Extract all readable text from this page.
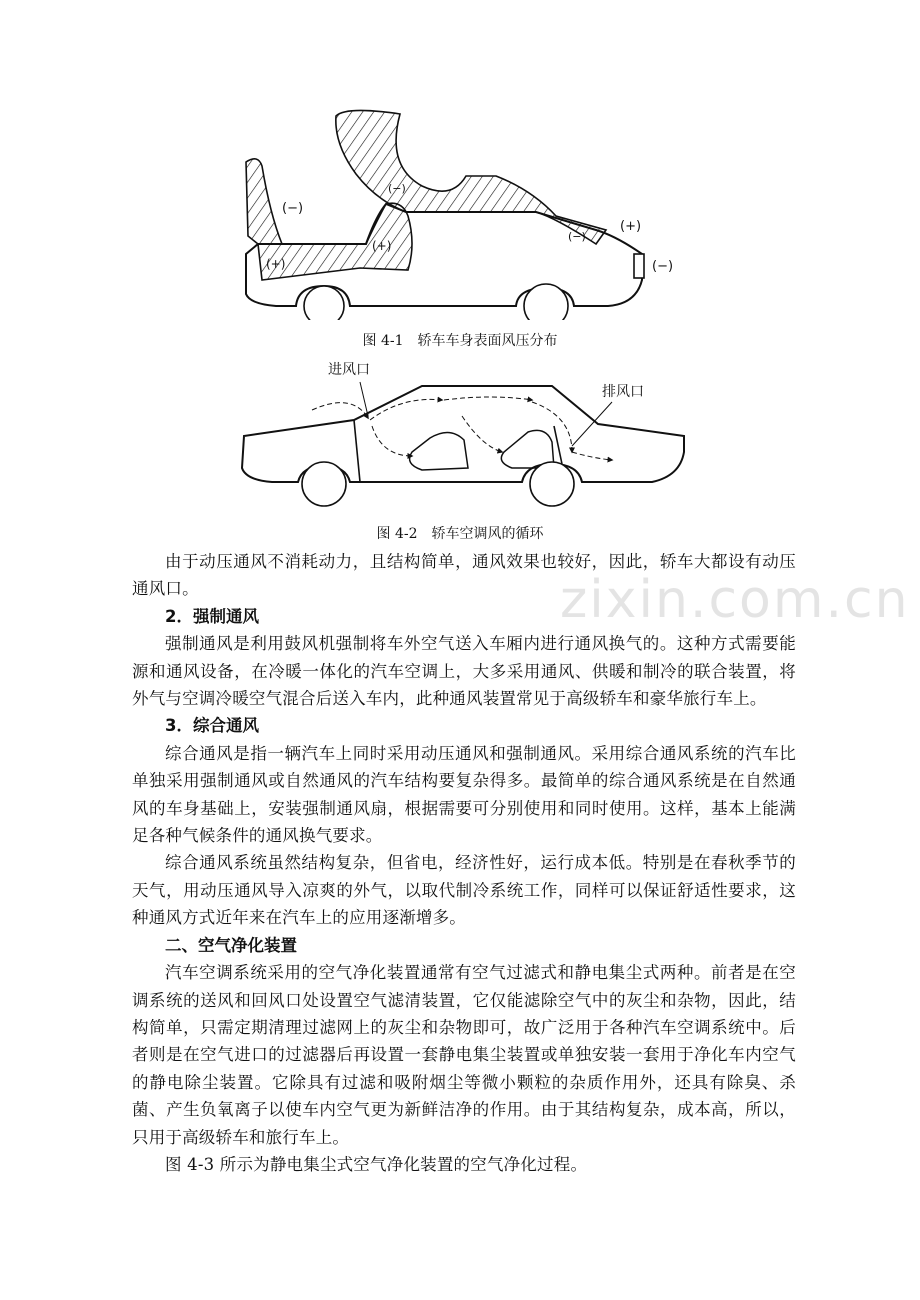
zixin.com.cn
(−)
(−)
(+)
(+)
(−)
(+)
(−)
图 4-1　轿车车身表面风压分布
进风口
排风口
图 4-2　轿车空调风的循环

由于动压通风不消耗动力，且结构简单，通风效果也较好，因此，轿车大都设有动压通风口。

2．强制通风

强制通风是利用鼓风机强制将车外空气送入车厢内进行通风换气的。这种方式需要能源和通风设备，在冷暖一体化的汽车空调上，大多采用通风、供暖和制冷的联合装置，将外气与空调冷暖空气混合后送入车内，此种通风装置常见于高级轿车和豪华旅行车上。

3．综合通风

综合通风是指一辆汽车上同时采用动压通风和强制通风。采用综合通风系统的汽车比单独采用强制通风或自然通风的汽车结构要复杂得多。最简单的综合通风系统是在自然通风的车身基础上，安装强制通风扇，根据需要可分别使用和同时使用。这样，基本上能满足各种气候条件的通风换气要求。

综合通风系统虽然结构复杂，但省电，经济性好，运行成本低。特别是在春秋季节的天气，用动压通风导入凉爽的外气，以取代制冷系统工作，同样可以保证舒适性要求，这种通风方式近年来在汽车上的应用逐渐增多。

二、空气净化装置

汽车空调系统采用的空气净化装置通常有空气过滤式和静电集尘式两种。前者是在空调系统的送风和回风口处设置空气滤清装置，它仅能滤除空气中的灰尘和杂物，因此，结构简单，只需定期清理过滤网上的灰尘和杂物即可，故广泛用于各种汽车空调系统中。后者则是在空气进口的过滤器后再设置一套静电集尘装置或单独安装一套用于净化车内空气的静电除尘装置。它除具有过滤和吸附烟尘等微小颗粒的杂质作用外，还具有除臭、杀菌、产生负氧离子以使车内空气更为新鲜洁净的作用。由于其结构复杂，成本高，所以，只用于高级轿车和旅行车上。

图 4-3 所示为静电集尘式空气净化装置的空气净化过程。
